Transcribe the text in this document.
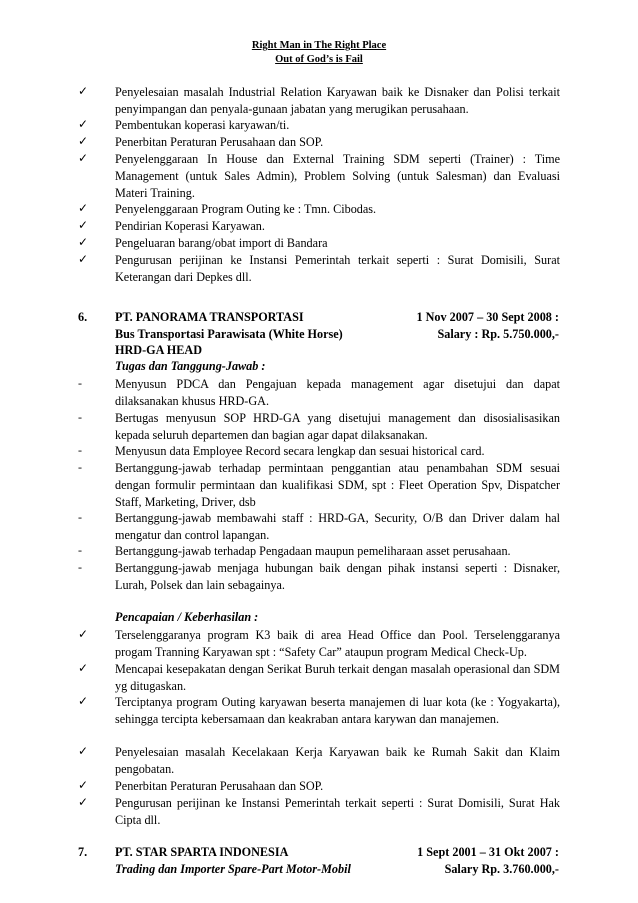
Right Man in The Right Place
Out of God’s is Fail
✓	Penyelesaian masalah Industrial Relation Karyawan baik ke Disnaker dan Polisi terkait penyimpangan dan penyala-gunaan jabatan yang merugikan perusahaan.
✓	Pembentukan koperasi karyawan/ti.
✓	Penerbitan Peraturan Perusahaan dan SOP.
✓	Penyelenggaraan In House dan External Training SDM seperti (Trainer) : Time Management (untuk Sales Admin), Problem Solving (untuk Salesman) dan Evaluasi Materi Training.
✓	Penyelenggaraan Program Outing ke : Tmn. Cibodas.
✓	Pendirian Koperasi Karyawan.
✓	Pengeluaran barang/obat import di Bandara
✓	Pengurusan perijinan ke Instansi Pemerintah terkait seperti : Surat Domisili, Surat Keterangan dari Depkes dll.
6. PT. PANORAMA TRANSPORTASI	1 Nov 2007 – 30 Sept 2008 :
Bus Transportasi Parawisata (White Horse)	Salary : Rp. 5.750.000,-
HRD-GA HEAD
Tugas dan Tanggung-Jawab :
-	Menyusun PDCA dan Pengajuan kepada management agar disetujui dan dapat dilaksanakan khusus HRD-GA.
-	Bertugas menyusun SOP HRD-GA yang disetujui management dan disosialisasikan kepada seluruh departemen dan bagian agar dapat dilaksanakan.
-	Menyusun data Employee Record secara lengkap dan sesuai historical card.
-	Bertanggung-jawab terhadap permintaan penggantian atau penambahan SDM sesuai dengan formulir permintaan dan kualifikasi SDM, spt : Fleet Operation Spv, Dispatcher Staff, Marketing, Driver, dsb
-	Bertanggung-jawab membawahi staff : HRD-GA, Security, O/B dan Driver dalam hal mengatur dan control lapangan.
-	Bertanggung-jawab terhadap Pengadaan maupun pemeliharaan asset perusahaan.
-	Bertanggung-jawab menjaga hubungan baik dengan pihak instansi seperti : Disnaker, Lurah, Polsek dan lain sebagainya.
Pencapaian / Keberhasilan :
✓	Terselenggaranya program K3 baik di area Head Office dan Pool. Terselenggaranya progam Tranning Karyawan spt : “Safety Car” ataupun program Medical Check-Up.
✓	Mencapai kesepakatan dengan Serikat Buruh terkait dengan masalah operasional dan SDM yg ditugaskan.
✓	Terciptanya program Outing karyawan beserta manajemen di luar kota (ke : Yogyakarta), sehingga tercipta kebersamaan dan keakraban antara karywan dan manajemen.
✓	Penyelesaian masalah Kecelakaan Kerja Karyawan baik ke Rumah Sakit dan Klaim pengobatan.
✓	Penerbitan Peraturan Perusahaan dan SOP.
✓	Pengurusan perijinan ke Instansi Pemerintah terkait seperti : Surat Domisili, Surat Hak Cipta dll.
7. PT. STAR SPARTA INDONESIA	1 Sept 2001 – 31 Okt 2007 :
Trading dan Importer Spare-Part Motor-Mobil	Salary Rp. 3.760.000,-
